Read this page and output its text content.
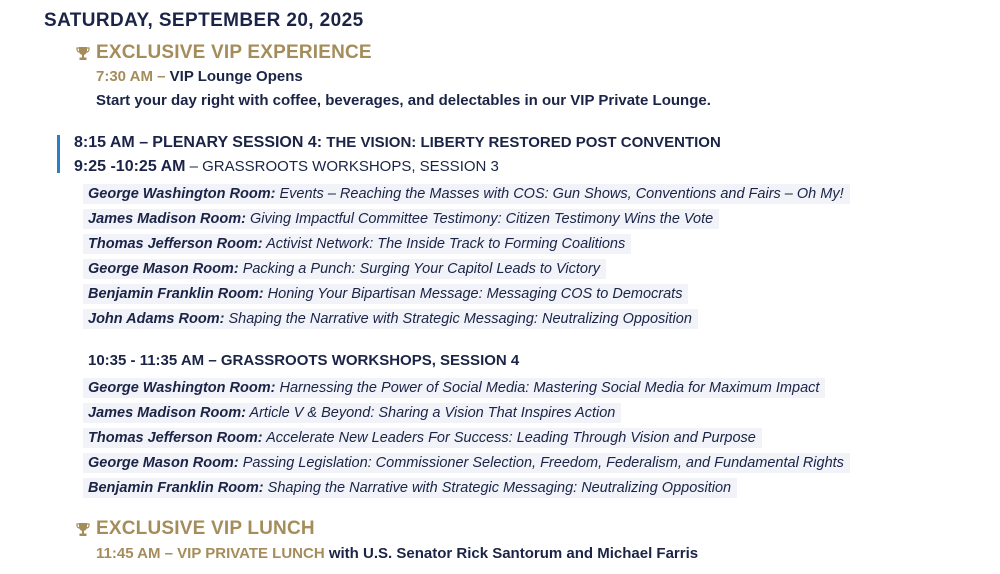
SATURDAY, SEPTEMBER 20, 2025
EXCLUSIVE VIP EXPERIENCE
7:30 AM – VIP Lounge Opens
Start your day right with coffee, beverages, and delectables in our VIP Private Lounge.
8:15 AM – PLENARY SESSION 4: THE VISION: LIBERTY RESTORED POST CONVENTION
9:25 -10:25 AM – GRASSROOTS WORKSHOPS, SESSION 3
George Washington Room: Events – Reaching the Masses with COS: Gun Shows, Conventions and Fairs – Oh My!
James Madison Room: Giving Impactful Committee Testimony: Citizen Testimony Wins the Vote
Thomas Jefferson Room: Activist Network: The Inside Track to Forming Coalitions
George Mason Room: Packing a Punch: Surging Your Capitol Leads to Victory
Benjamin Franklin Room: Honing Your Bipartisan Message: Messaging COS to Democrats
John Adams Room: Shaping the Narrative with Strategic Messaging: Neutralizing Opposition
10:35 - 11:35 AM – GRASSROOTS WORKSHOPS, SESSION 4
George Washington Room: Harnessing the Power of Social Media: Mastering Social Media for Maximum Impact
James Madison Room: Article V & Beyond: Sharing a Vision That Inspires Action
Thomas Jefferson Room: Accelerate New Leaders For Success: Leading Through Vision and Purpose
George Mason Room: Passing Legislation: Commissioner Selection, Freedom, Federalism, and Fundamental Rights
Benjamin Franklin Room: Shaping the Narrative with Strategic Messaging: Neutralizing Opposition
EXCLUSIVE VIP LUNCH
11:45 AM – VIP PRIVATE LUNCH with U.S. Senator Rick Santorum and Michael Farris
